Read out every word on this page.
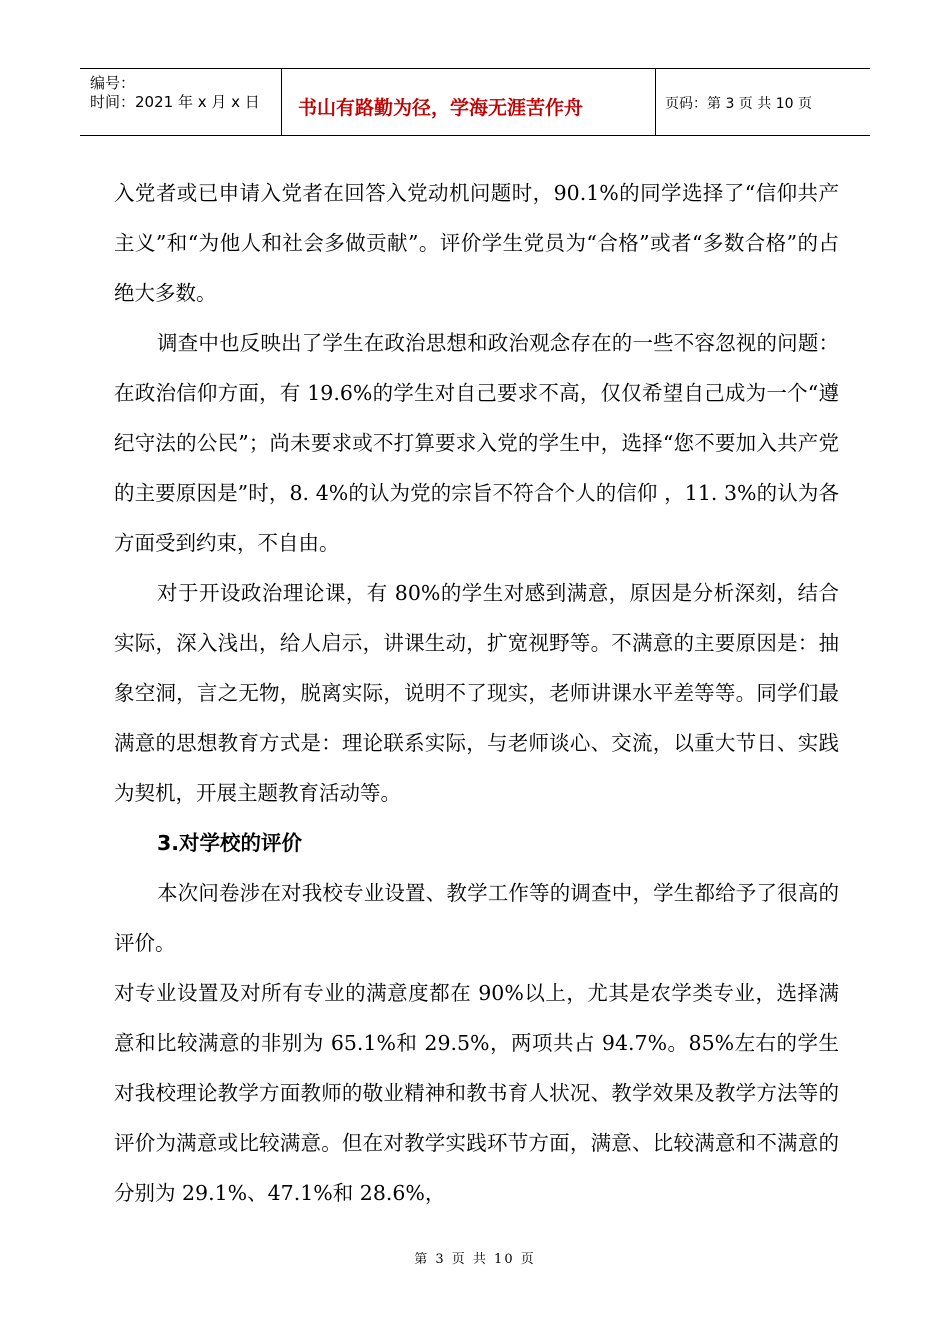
编号：
时间：2021 年 x 月 x 日 书山有路勤为径，学海无涯苦作舟	页码：第 3 页 共 10 页

入党者或已申请入党者在回答入党动机问题时，90.1%的同学选择了“信仰共产主义”和“为他人和社会多做贡献”。评价学生党员为“合格”或者“多数合格”的占绝大多数。

调查中也反映出了学生在政治思想和政治观念存在的一些不容忽视的问题：在政治信仰方面，有 19.6%的学生对自己要求不高，仅仅希望自己成为一个“遵纪守法的公民”；尚未要求或不打算要求入党的学生中，选择“您不要加入共产党的主要原因是”时，8. 4%的认为党的宗旨不符合个人的信仰 ，11. 3%的认为各方面受到约束，不自由。

对于开设政治理论课，有 80%的学生对感到满意，原因是分析深刻，结合实际，深入浅出，给人启示，讲课生动，扩宽视野等。不满意的主要原因是：抽象空洞，言之无物，脱离实际，说明不了现实，老师讲课水平差等等。同学们最满意的思想教育方式是：理论联系实际，与老师谈心、交流，以重大节日、实践为契机，开展主题教育活动等。

3.对学校的评价

本次问卷涉在对我校专业设置、教学工作等的调查中，学生都给予了很高的评价。

对专业设置及对所有专业的满意度都在 90%以上，尤其是农学类专业，选择满意和比较满意的非别为 65.1%和 29.5%，两项共占 94.7%。85%左右的学生对我校理论教学方面教师的敬业精神和教书育人状况、教学效果及教学方法等的评价为满意或比较满意。但在对教学实践环节方面，满意、比较满意和不满意的分别为 29.1%、47.1%和 28.6%，

第 3 页 共 10 页
